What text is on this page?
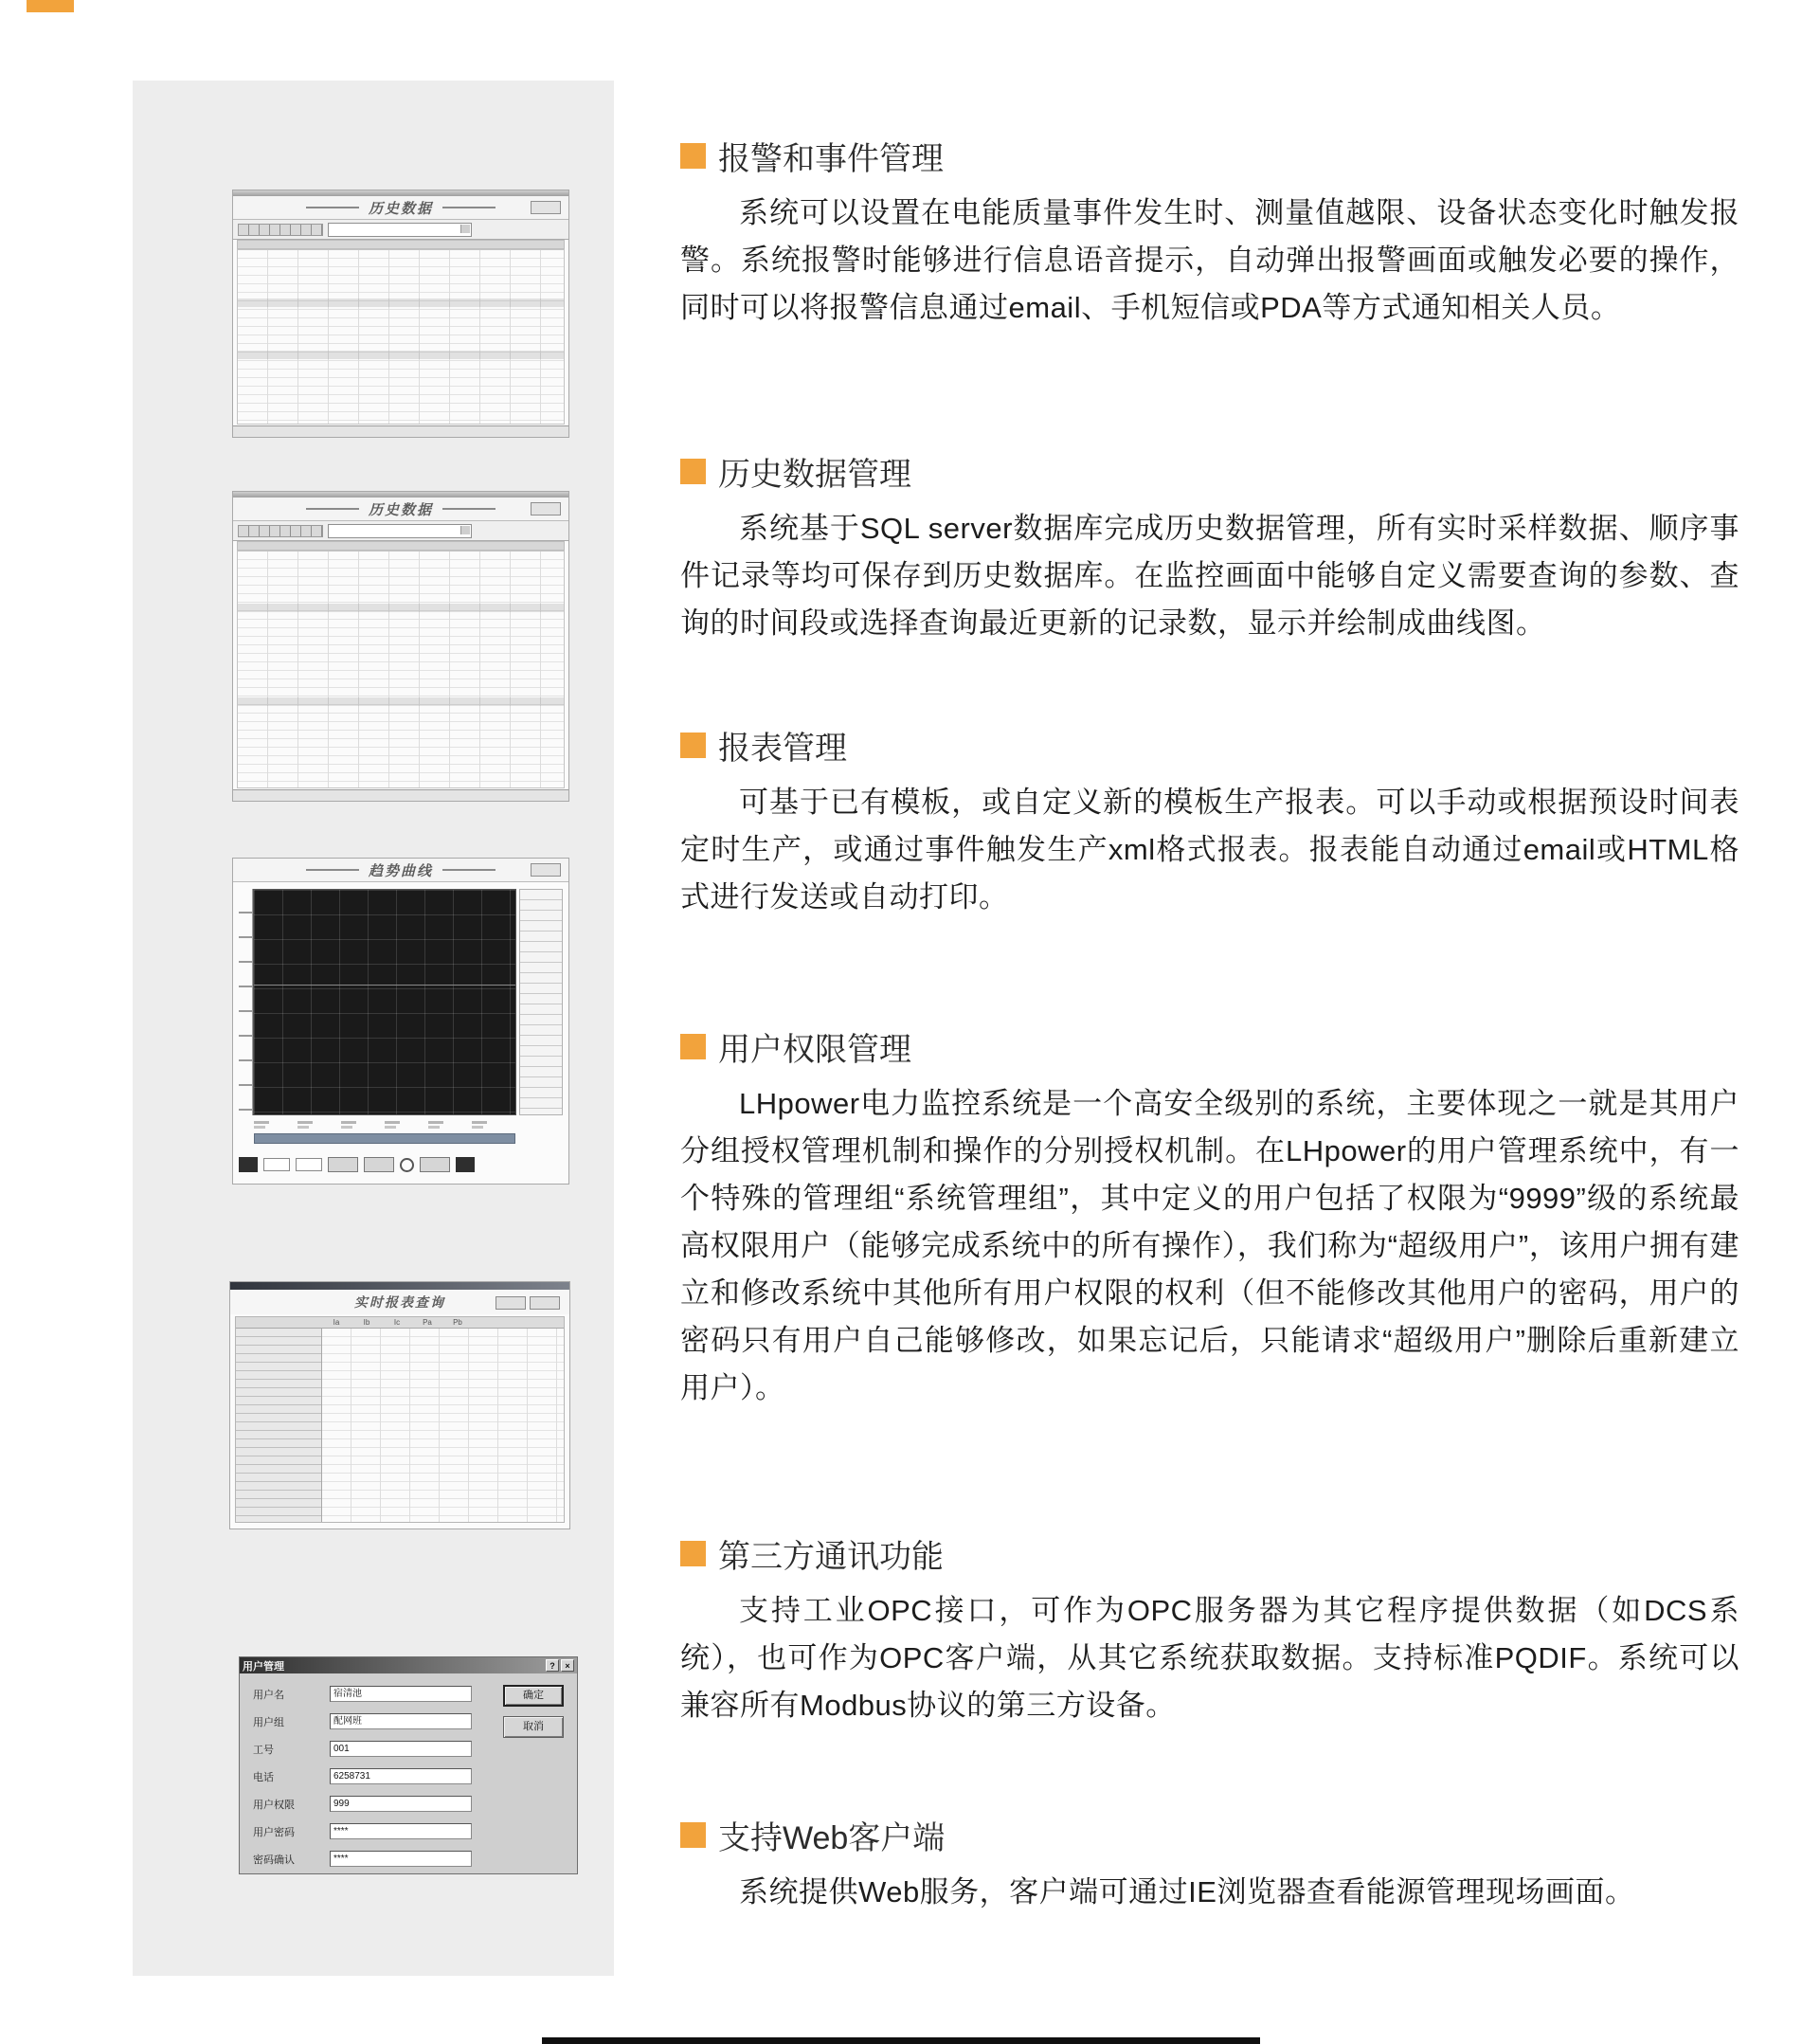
历史数据
历史数据
趋势曲线
实时报表查询
Ia	Ib	Ic	Pa	Pb
用户管理	?	×
用户名	宿清池
用户组	配网班
工号	001
电话	6258731
用户权限	999
用户密码	****
密码确认	****
确定
取消
报警和事件管理

系统可以设置在电能质量事件发生时、测量值越限、设备状态变化时触发报警。系统报警时能够进行信息语音提示，自动弹出报警画面或触发必要的操作，同时可以将报警信息通过email、手机短信或PDA等方式通知相关人员。

历史数据管理

系统基于SQL server数据库完成历史数据管理，所有实时采样数据、顺序事件记录等均可保存到历史数据库。在监控画面中能够自定义需要查询的参数、查询的时间段或选择查询最近更新的记录数，显示并绘制成曲线图。

报表管理

可基于已有模板，或自定义新的模板生产报表。可以手动或根据预设时间表定时生产，或通过事件触发生产xml格式报表。报表能自动通过email或HTML格式进行发送或自动打印。

用户权限管理

LHpower电力监控系统是一个高安全级别的系统，主要体现之一就是其用户分组授权管理机制和操作的分别授权机制。在LHpower的用户管理系统中，有一个特殊的管理组“系统管理组”，其中定义的用户包括了权限为“9999”级的系统最高权限用户（能够完成系统中的所有操作），我们称为“超级用户”，该用户拥有建立和修改系统中其他所有用户权限的权利（但不能修改其他用户的密码，用户的密码只有用户自己能够修改，如果忘记后，只能请求“超级用户”删除后重新建立用户）。

第三方通讯功能

支持工业OPC接口，可作为OPC服务器为其它程序提供数据（如DCS系统），也可作为OPC客户端，从其它系统获取数据。支持标准PQDIF。系统可以兼容所有Modbus协议的第三方设备。

支持Web客户端

系统提供Web服务，客户端可通过IE浏览器查看能源管理现场画面。
